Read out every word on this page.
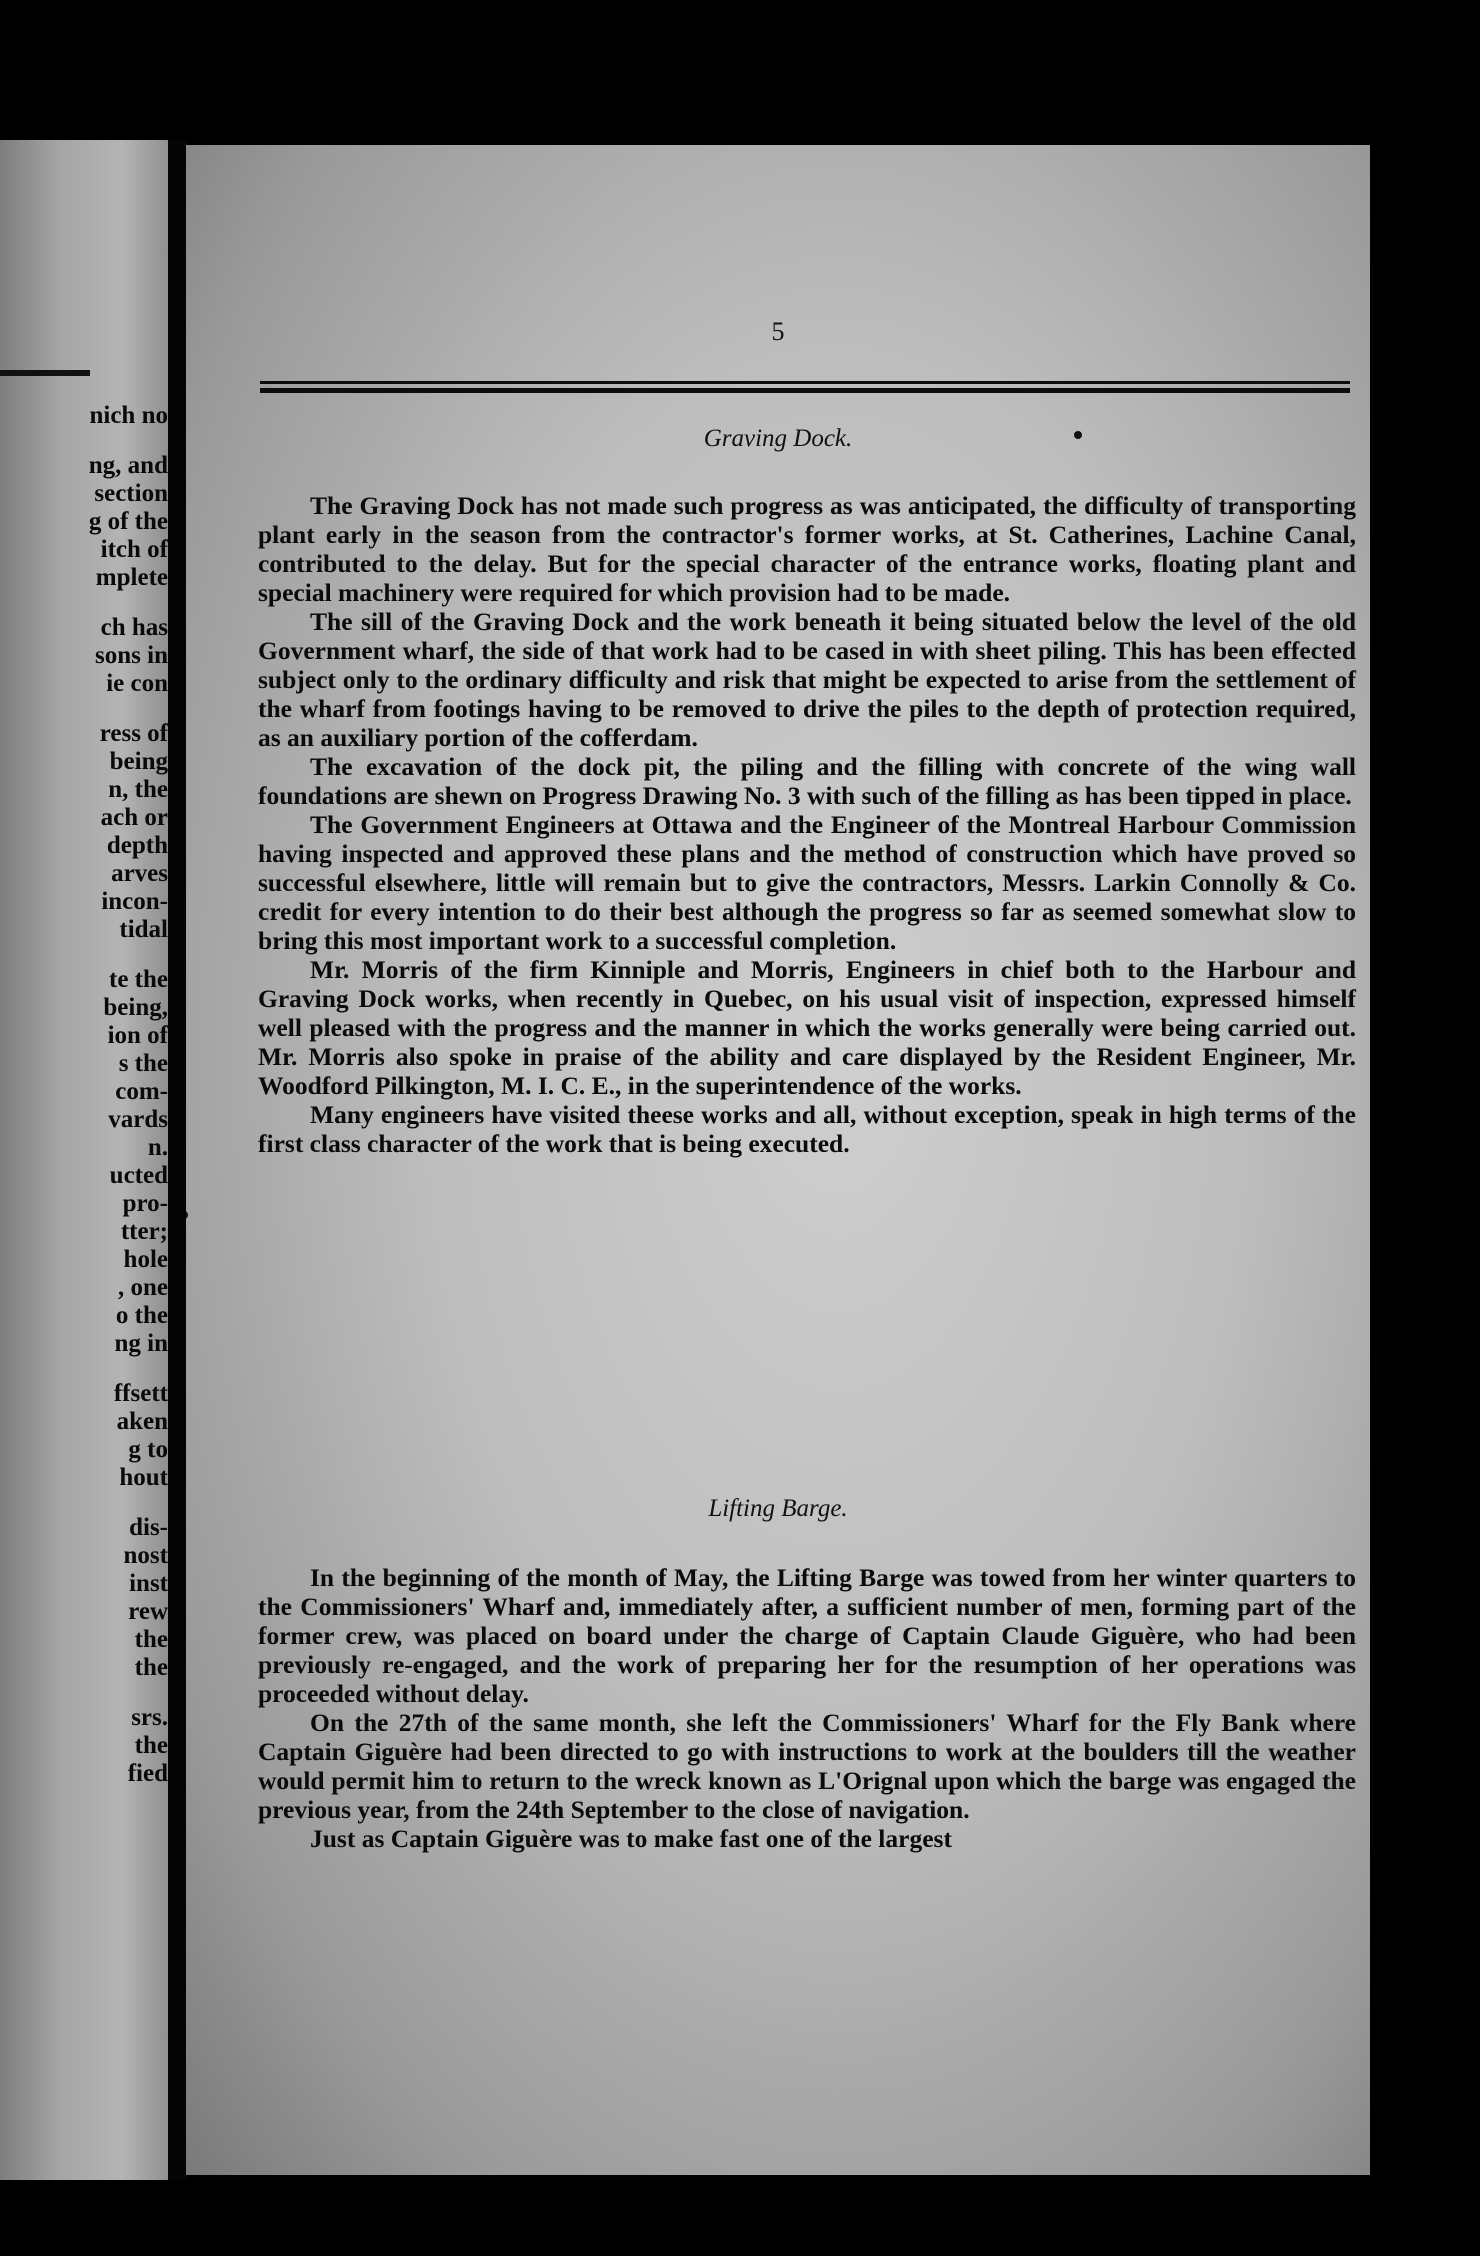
nich no
ng, and
section
g of the
itch of
mplete
ch has
sons in
ie con
ress of
being
n, the
ach or
depth
arves
incon-
tidal
te the
being,
ion of
s the
com-
vards
n.
ucted
pro-
tter;
hole
, one
o the
ng in
ffsett
aken
g to
hout
dis-
nost
inst
rew
the
the
srs.
the
fied
5
Graving Dock.

The Graving Dock has not made such progress as was anticipated, the difficulty of transporting plant early in the season from the contractor's former works, at St. Catherines, Lachine Canal, contributed to the delay. But for the special character of the entrance works, floating plant and special machinery were required for which provision had to be made.

The sill of the Graving Dock and the work beneath it being situated below the level of the old Government wharf, the side of that work had to be cased in with sheet piling. This has been effected subject only to the ordinary difficulty and risk that might be expected to arise from the settlement of the wharf from footings having to be removed to drive the piles to the depth of protection required, as an auxiliary portion of the cofferdam.

The excavation of the dock pit, the piling and the filling with concrete of the wing wall foundations are shewn on Progress Drawing No. 3 with such of the filling as has been tipped in place.

The Government Engineers at Ottawa and the Engineer of the Montreal Harbour Commission having inspected and approved these plans and the method of construction which have proved so successful elsewhere, little will remain but to give the contractors, Messrs. Larkin Connolly & Co. credit for every intention to do their best although the progress so far as seemed somewhat slow to bring this most important work to a successful completion.

Mr. Morris of the firm Kinniple and Morris, Engineers in chief both to the Harbour and Graving Dock works, when recently in Quebec, on his usual visit of inspection, expressed himself well pleased with the progress and the manner in which the works generally were being carried out. Mr. Morris also spoke in praise of the ability and care displayed by the Resident Engineer, Mr. Woodford Pilkington, M. I. C. E., in the superintendence of the works.

Many engineers have visited theese works and all, without exception, speak in high terms of the first class character of the work that is being executed.

Lifting Barge.

In the beginning of the month of May, the Lifting Barge was towed from her winter quarters to the Commissioners' Wharf and, immediately after, a sufficient number of men, forming part of the former crew, was placed on board under the charge of Captain Claude Giguère, who had been previously re-engaged, and the work of preparing her for the resumption of her operations was proceeded without delay.

On the 27th of the same month, she left the Commissioners' Wharf for the Fly Bank where Captain Giguère had been directed to go with instructions to work at the boulders till the weather would permit him to return to the wreck known as L'Orignal upon which the barge was engaged the previous year, from the 24th September to the close of navigation.

Just as Captain Giguère was to make fast one of the largest
